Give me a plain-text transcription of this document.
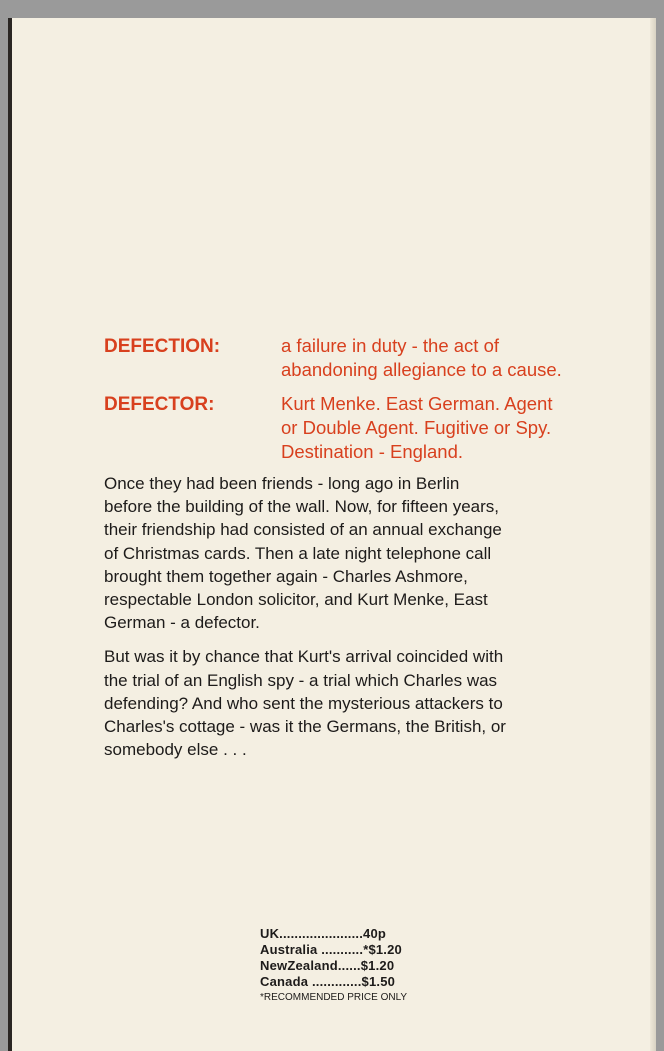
DEFECTION:	a failure in duty - the act of
abandoning allegiance to a cause.
DEFECTOR:	Kurt Menke. East German. Agent
or Double Agent. Fugitive or Spy.
Destination - England.

Once they had been friends - long ago in Berlin
before the building of the wall. Now, for fifteen years,
their friendship had consisted of an annual exchange
of Christmas cards. Then a late night telephone call
brought them together again - Charles Ashmore,
respectable London solicitor, and Kurt Menke, East
German - a defector.

But was it by chance that Kurt's arrival coincided with
the trial of an English spy - a trial which Charles was
defending? And who sent the mysterious attackers to
Charles's cottage - was it the Germans, the British, or
somebody else . . .

UK...................... 40p
Australia ........... *$1.20
NewZealand...... $1.20
Canada ............. $1.50
*RECOMMENDED PRICE ONLY
